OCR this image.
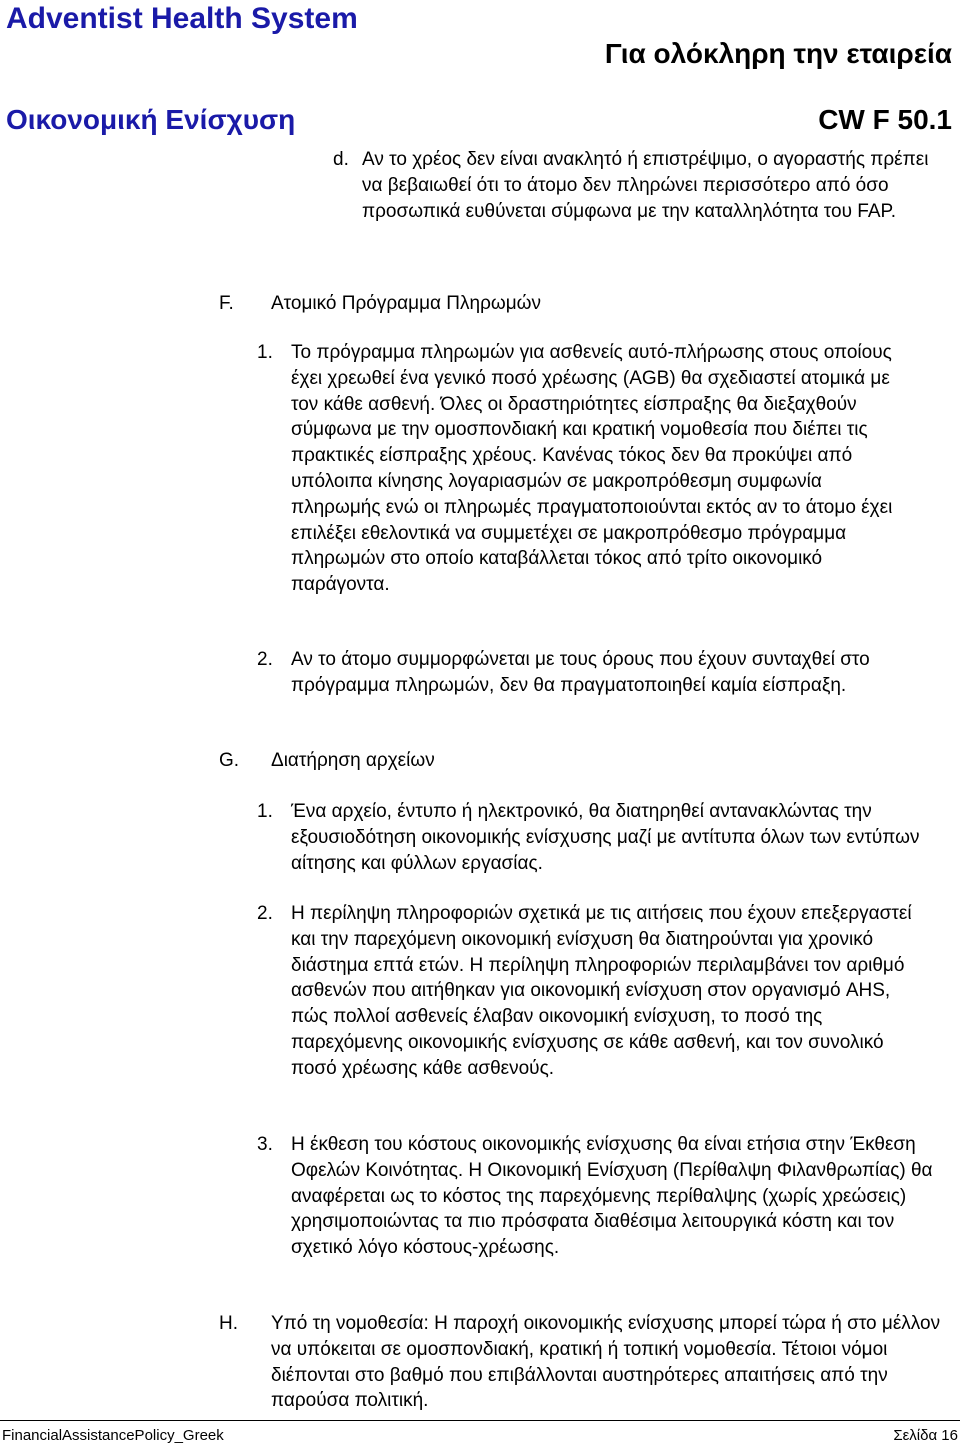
Adventist Health System
Για ολόκληρη την εταιρεία
Οικονομική Ενίσχυση	CW F 50.1
d. Αν το χρέος δεν είναι ανακλητό ή επιστρέψιμο, ο αγοραστής πρέπει να βεβαιωθεί ότι το άτομο δεν πληρώνει περισσότερο από όσο προσωπικά ευθύνεται σύμφωνα με την καταλληλότητα του FAP.

F. Ατομικό Πρόγραμμα Πληρωμών
1. Το πρόγραμμα πληρωμών για ασθενείς αυτό-πλήρωσης στους οποίους έχει χρεωθεί ένα γενικό ποσό χρέωσης (AGB) θα σχεδιαστεί ατομικά με τον κάθε ασθενή. Όλες οι δραστηριότητες είσπραξης θα διεξαχθούν σύμφωνα με την ομοσπονδιακή και κρατική νομοθεσία που διέπει τις πρακτικές είσπραξης χρέους. Κανένας τόκος δεν θα προκύψει από υπόλοιπα κίνησης λογαριασμών σε μακροπρόθεσμη συμφωνία πληρωμής ενώ οι πληρωμές πραγματοποιούνται εκτός αν το άτομο έχει επιλέξει εθελοντικά να συμμετέχει σε μακροπρόθεσμο πρόγραμμα πληρωμών στο οποίο καταβάλλεται τόκος από τρίτο οικονομικό παράγοντα.

2. Αν το άτομο συμμορφώνεται με τους όρους που έχουν συνταχθεί στο πρόγραμμα πληρωμών, δεν θα πραγματοποιηθεί καμία είσπραξη.

G. Διατήρηση αρχείων
1. Ένα αρχείο, έντυπο ή ηλεκτρονικό, θα διατηρηθεί αντανακλώντας την εξουσιοδότηση οικονομικής ενίσχυσης μαζί με αντίτυπα όλων των εντύπων αίτησης και φύλλων εργασίας.

2. Η περίληψη πληροφοριών σχετικά με τις αιτήσεις που έχουν επεξεργαστεί και την παρεχόμενη οικονομική ενίσχυση θα διατηρούνται για χρονικό διάστημα επτά ετών. Η περίληψη πληροφοριών περιλαμβάνει τον αριθμό ασθενών που αιτήθηκαν για οικονομική ενίσχυση στον οργανισμό AHS, πώς πολλοί ασθενείς έλαβαν οικονομική ενίσχυση, το ποσό της παρεχόμενης οικονομικής ενίσχυσης σε κάθε ασθενή, και τον συνολικό ποσό χρέωσης κάθε ασθενούς.

3. Η έκθεση του κόστους οικονομικής ενίσχυσης θα είναι ετήσια στην Έκθεση Οφελών Κοινότητας. Η Οικονομική Ενίσχυση (Περίθαλψη Φιλανθρωπίας) θα αναφέρεται ως το κόστος της παρεχόμενης περίθαλψης (χωρίς χρεώσεις) χρησιμοποιώντας τα πιο πρόσφατα διαθέσιμα λειτουργικά κόστη και τον σχετικό λόγο κόστους-χρέωσης.

H. Υπό τη νομοθεσία: Η παροχή οικονομικής ενίσχυσης μπορεί τώρα ή στο μέλλον να υπόκειται σε ομοσπονδιακή, κρατική ή τοπική νομοθεσία. Τέτοιοι νόμοι διέπονται στο βαθμό που επιβάλλονται αυστηρότερες απαιτήσεις από την παρούσα πολιτική.

FinancialAssistancePolicy_Greek	Σελίδα 16
